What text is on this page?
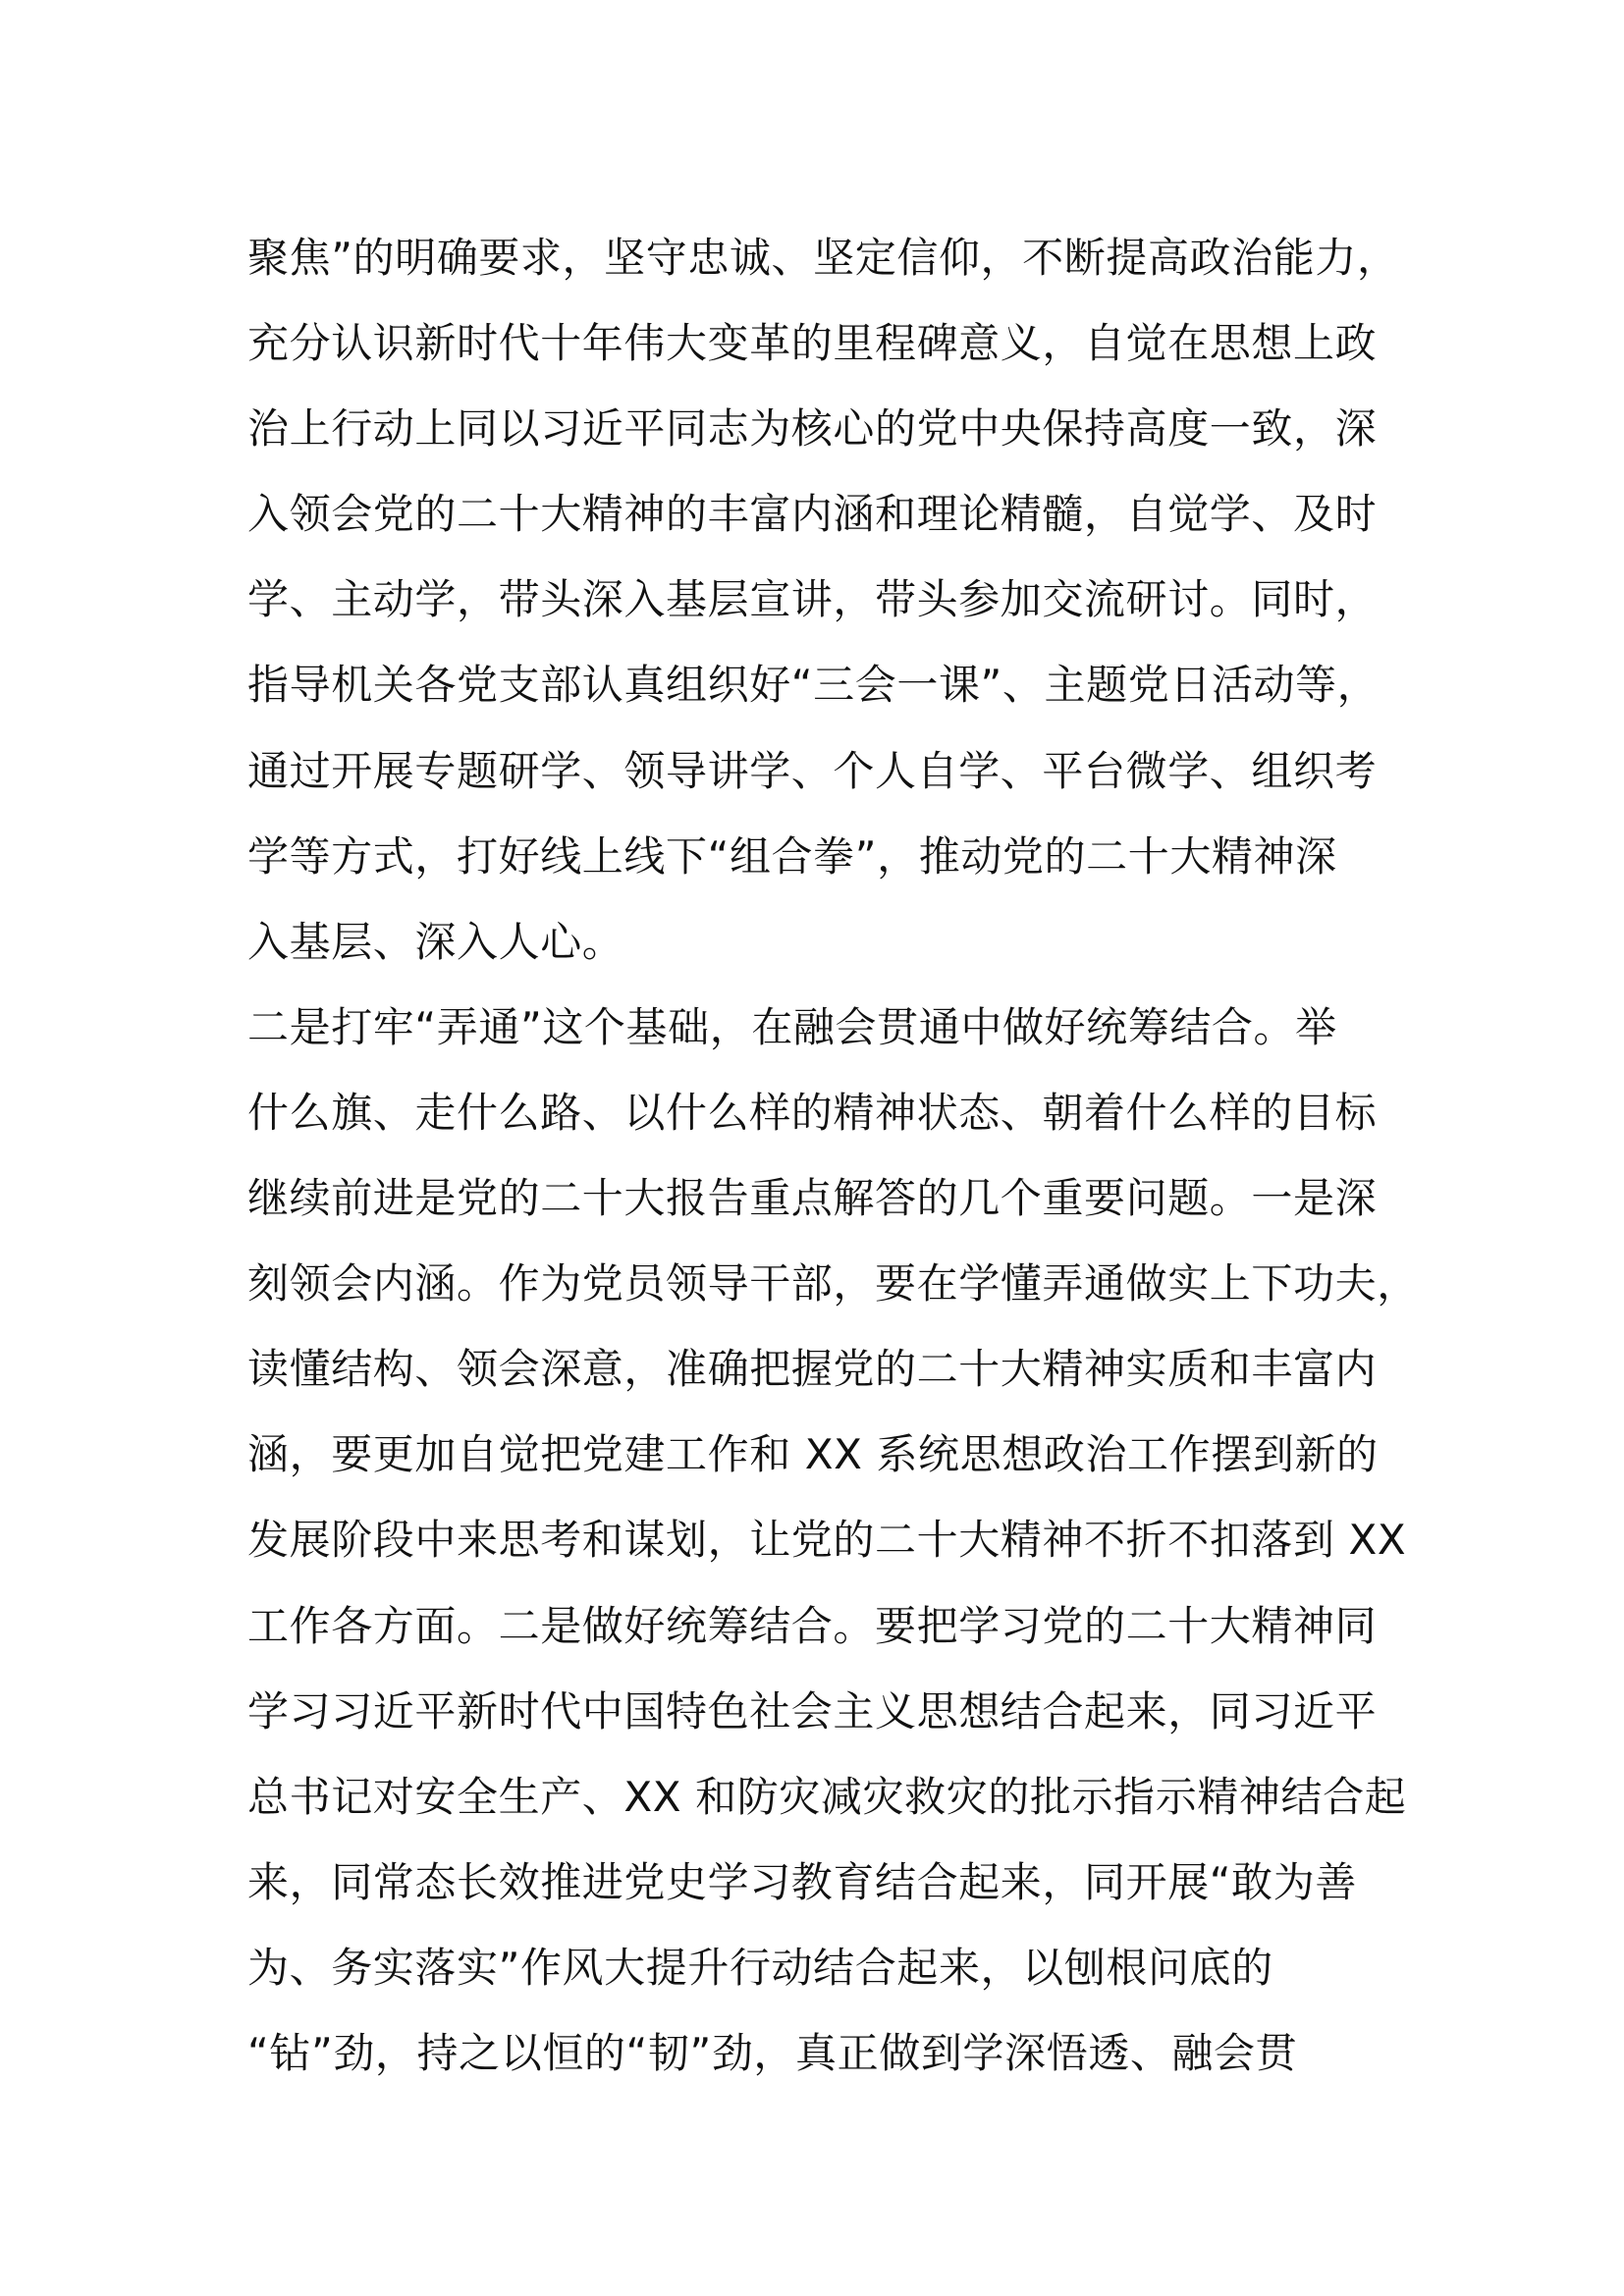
聚焦”的明确要求，坚守忠诚、坚定信仰，不断提高政治能力，
充分认识新时代十年伟大变革的里程碑意义，自觉在思想上政
治上行动上同以习近平同志为核心的党中央保持高度一致，深
入领会党的二十大精神的丰富内涵和理论精髓，自觉学、及时
学、主动学，带头深入基层宣讲，带头参加交流研讨。同时，
指导机关各党支部认真组织好“三会一课”、主题党日活动等，
通过开展专题研学、领导讲学、个人自学、平台微学、组织考
学等方式，打好线上线下“组合拳”，推动党的二十大精神深
入基层、深入人心。
二是打牢“弄通”这个基础，在融会贯通中做好统筹结合。举
什么旗、走什么路、以什么样的精神状态、朝着什么样的目标
继续前进是党的二十大报告重点解答的几个重要问题。一是深
刻领会内涵。作为党员领导干部，要在学懂弄通做实上下功夫，
读懂结构、领会深意，准确把握党的二十大精神实质和丰富内
涵，要更加自觉把党建工作和 XX 系统思想政治工作摆到新的
发展阶段中来思考和谋划，让党的二十大精神不折不扣落到 XX
工作各方面。二是做好统筹结合。要把学习党的二十大精神同
学习习近平新时代中国特色社会主义思想结合起来，同习近平
总书记对安全生产、XX 和防灾减灾救灾的批示指示精神结合起
来，同常态长效推进党史学习教育结合起来，同开展“敢为善
为、务实落实”作风大提升行动结合起来，以刨根问底的
“钻”劲，持之以恒的“韧”劲，真正做到学深悟透、融会贯
